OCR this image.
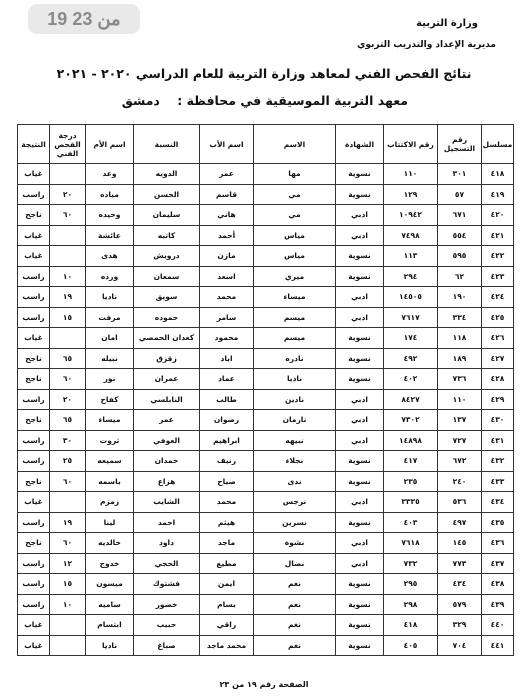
19 من 23	وزارة التربية
مديرية الإعداد والتدريب التربوي
نتائج الفحص الفني لمعاهد وزارة التربية للعام الدراسي ٢٠٢٠ - ٢٠٢١
معهد التربية الموسيقية في محافظة :    دمشق
مسلسل	رقم التسجيل	رقم الاكتتاب	الشهادة	الاسم	اسم الأب	النسبة	اسم الأم	درجة الفحص الفني	النتيجة
٤١٨	٣٠١	١١٠	نسوية	مها	عمر	الدويه	وعد		غياب
٤١٩	٥٧	١٢٩	نسوية	مي	قاسم	الحسن	مياده	٢٠	راسب
٤٢٠	٦٧١	١٠٩٤٢	ادبي	مي	هاني	سليمان	وحيده	٦٠	ناجح
٤٢١	٥٥٤	٧٤٩٨	ادبي	مياس	أحمد	كاتبه	عائشة		غياب
٤٢٢	٥٩٥	١١٣	نسوية	مياس	مازن	درويش	هدى		غياب
٤٢٣	٦٢	٢٩٤	نسوية	ميري	اسعد	سمعان	ورده	١٠	راسب
٤٢٤	١٩٠	١٤٥٠٥	ادبي	ميساء	محمد	سويق	ناديا	١٩	راسب
٤٢٥	٣٣٤	٧٦١٧	ادبي	ميسم	سامر	حموده	مرفت	١٥	راسب
٤٢٦	١١٨	١٧٤	نسوية	ميسم	محمود	كعدان الحمصي	امان		غياب
٤٢٧	١٨٩	٤٩٢	نسوية	نادره	اياد	زقزق	نبيله	٦٥	ناجح
٤٢٨	٧٣٦	٤٠٢	نسوية	ناديا	عماد	عمران	نور	٦٠	ناجح
٤٢٩	١١٠	٨٤٢٧	ادبي	نادين	طالب	النابلسي	كفاح	٢٠	راسب
٤٣٠	١٣٧	٧٣٠٢	ادبي	نارمان	رضوان	عمر	ميساء	٦٥	ناجح
٤٣١	٧٢٧	١٤٨٩٨	ادبي	نبيهه	ابراهيم	العوفي	ثروت	٣٠	راسب
٤٣٢	٦٧٢	٤١٧	نسوية	نجلاء	رنيف	حمدان	سميعه	٢٥	راسب
٤٣٣	٢٤٠	٢٣٥	نسوية	ندى	صياح	هزاع	باسمه	٦٠	ناجح
٤٣٤	٥٣٦	٣٣٣٥	ادبي	نرجس	محمد	الشايب	زمزم		غياب
٤٣٥	٤٩٧	٤٠٣	نسوية	نسرين	هيثم	احمد	لينا	١٩	راسب
٤٣٦	١٤٥	٧٦١٨	ادبي	نشوة	ماجد	داود	خالديه	٦٠	ناجح
٤٣٧	٧٧٣	٧٣٢	ادبي	نضال	مطيع	الحجي	خدوج	١٢	راسب
٤٣٨	٤٣٤	٢٩٥	نسوية	نغم	ايمن	فشتوك	ميسون	١٥	راسب
٤٣٩	٥٧٩	٢٩٨	نسوية	نغم	بسام	خضور	ساميه	١٠	راسب
٤٤٠	٣٢٩	٤١٨	نسوية	نغم	راقي	حبيب	ابتسام		غياب
٤٤١	٧٠٤	٤٠٥	نسوية	نغم	محمد ماجد	صباغ	ناديا		غياب
الصفحة رقم ١٩ من ٢٣
